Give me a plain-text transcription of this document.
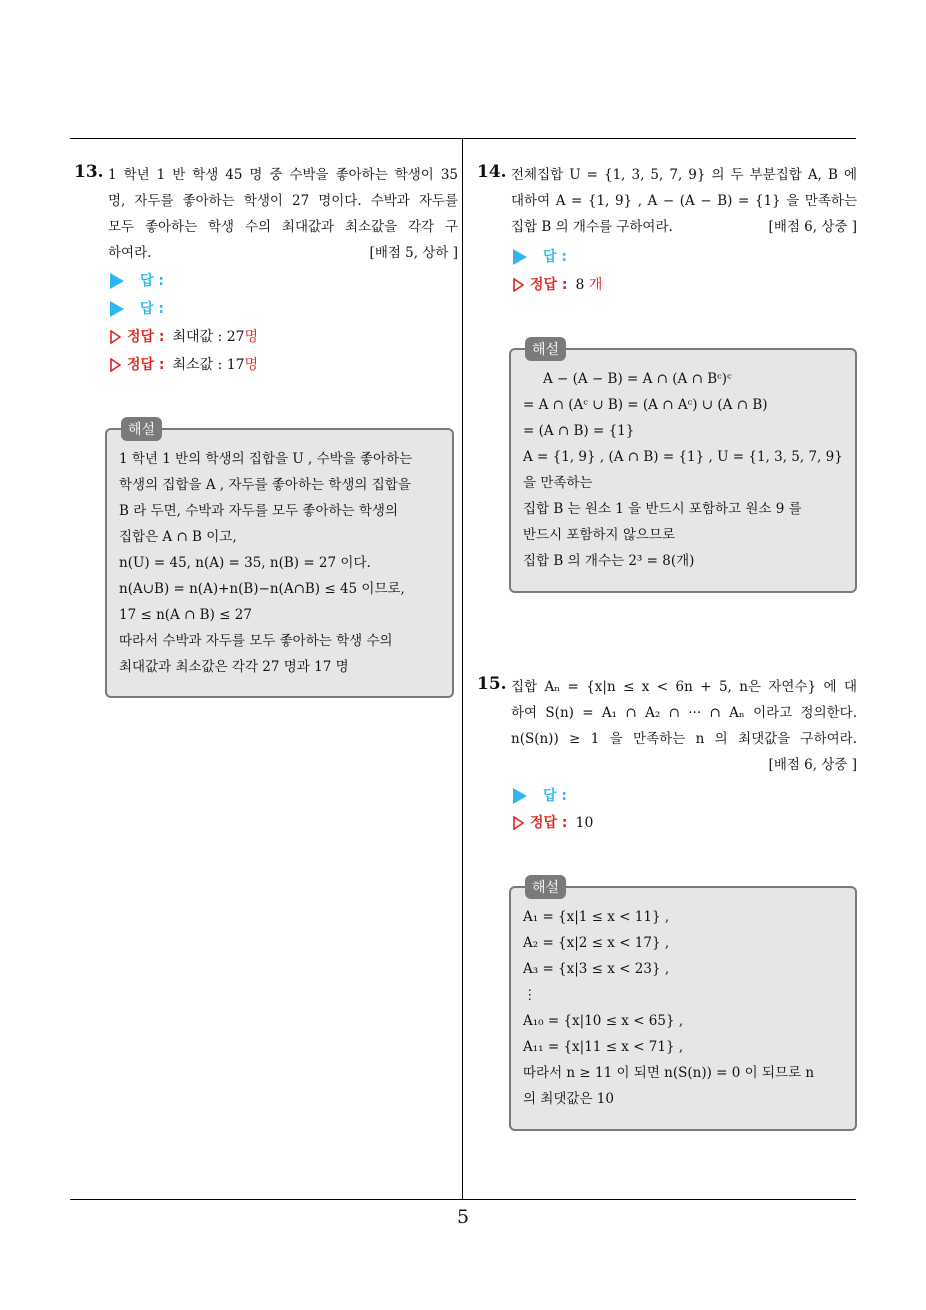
5
13. 1 학년 1 반 학생 45 명 중 수박을 좋아하는 학생이 35
명, 자두를 좋아하는 학생이 27 명이다. 수박과 자두를
모두 좋아하는 학생 수의 최대값과 최소값을 각각 구
하여라.	[배점 5, 상하 ]
답 :
답 :
정답 : 최대값 : 27명
정답 : 최소값 : 17명
해설
1 학년 1 반의 학생의 집합을 U , 수박을 좋아하는
학생의 집합을 A , 자두를 좋아하는 학생의 집합을
B 라 두면, 수박과 자두를 모두 좋아하는 학생의
집합은 A ∩ B 이고,
n(U) = 45, n(A) = 35, n(B) = 27 이다.
n(A∪B) = n(A)+n(B)−n(A∩B) ≤ 45 이므로,
17 ≤ n(A ∩ B) ≤ 27
따라서 수박과 자두를 모두 좋아하는 학생 수의
최대값과 최소값은 각각 27 명과 17 명
14. 전체집합 U = {1, 3, 5, 7, 9} 의 두 부분집합 A, B 에
대하여 A = {1, 9} , A − (A − B) = {1} 을 만족하는
집합 B 의 개수를 구하여라.	[배점 6, 상중 ]
답 :
정답 : 8 개
해설
A − (A − B) = A ∩ (A ∩ Bᶜ)ᶜ
= A ∩ (Aᶜ ∪ B) = (A ∩ Aᶜ) ∪ (A ∩ B)
= (A ∩ B) = {1}
A = {1, 9} , (A ∩ B) = {1} , U = {1, 3, 5, 7, 9}
을 만족하는
집합 B 는 원소 1 을 반드시 포함하고 원소 9 를
반드시 포함하지 않으므로
집합 B 의 개수는 2³ = 8(개)
15. 집합 Aₙ = {x|n ≤ x < 6n + 5, n은 자연수} 에 대
하여 S(n) = A₁ ∩ A₂ ∩ ··· ∩ Aₙ 이라고 정의한다.
n(S(n)) ≥ 1 을 만족하는 n 의 최댓값을 구하여라.
[배점 6, 상중 ]
답 :
정답 : 10
해설
A₁ = {x|1 ≤ x < 11} ,
A₂ = {x|2 ≤ x < 17} ,
A₃ = {x|3 ≤ x < 23} ,
⋮
A₁₀ = {x|10 ≤ x < 65} ,
A₁₁ = {x|11 ≤ x < 71} ,
따라서 n ≥ 11 이 되면 n(S(n)) = 0 이 되므로 n
의 최댓값은 10
